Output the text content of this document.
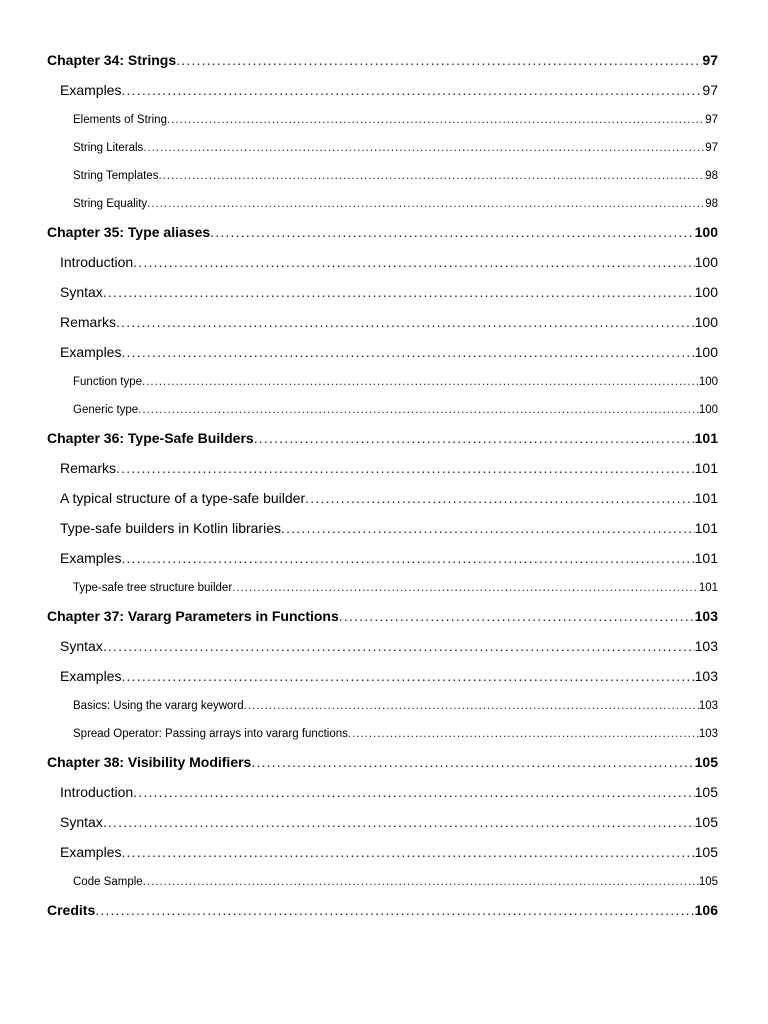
Chapter 34: Strings .....	97
Examples .....	97
Elements of String .....	97
String Literals .....	97
String Templates .....	98
String Equality .....	98
Chapter 35: Type aliases .....	100
Introduction .....	100
Syntax .....	100
Remarks .....	100
Examples .....	100
Function type .....	100
Generic type .....	100
Chapter 36: Type-Safe Builders .....	101
Remarks .....	101
A typical structure of a type-safe builder .....	101
Type-safe builders in Kotlin libraries .....	101
Examples .....	101
Type-safe tree structure builder .....	101
Chapter 37: Vararg Parameters in Functions .....	103
Syntax .....	103
Examples .....	103
Basics: Using the vararg keyword .....	103
Spread Operator: Passing arrays into vararg functions .....	103
Chapter 38: Visibility Modifiers .....	105
Introduction .....	105
Syntax .....	105
Examples .....	105
Code Sample .....	105
Credits .....	106
